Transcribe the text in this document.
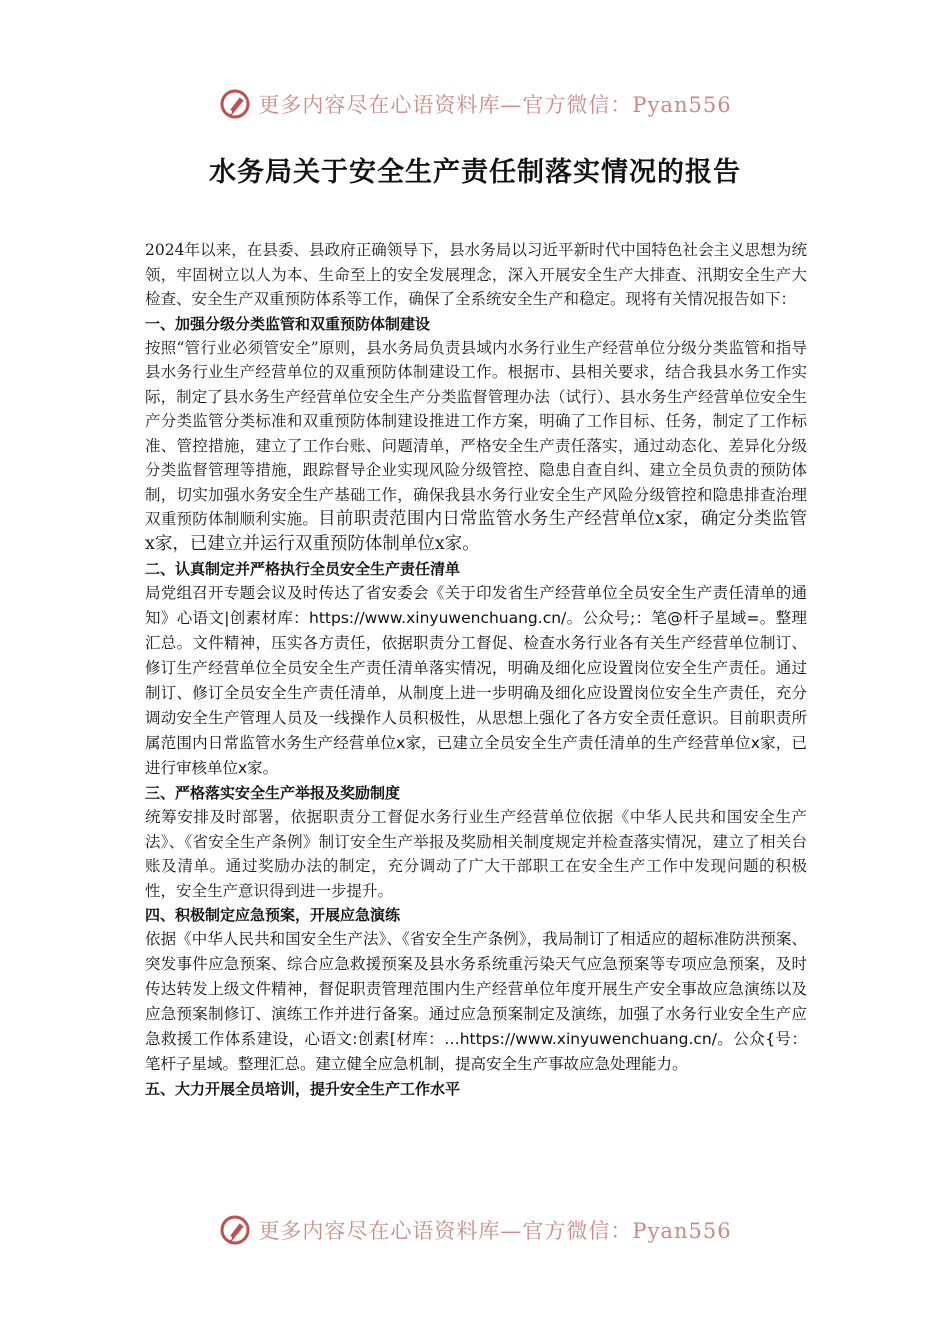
更多内容尽在心语资料库—官方微信：Pyan556
水务局关于安全生产责任制落实情况的报告

2024年以来，在县委、县政府正确领导下，县水务局以习近平新时代中国特色社会主义思想为统领，牢固树立以人为本、生命至上的安全发展理念，深入开展安全生产大排查、汛期安全生产大检查、安全生产双重预防体系等工作，确保了全系统安全生产和稳定。现将有关情况报告如下：

一、加强分级分类监管和双重预防体制建设

按照“管行业必须管安全”原则，县水务局负责县域内水务行业生产经营单位分级分类监管和指导县水务行业生产经营单位的双重预防体制建设工作。根据市、县相关要求，结合我县水务工作实际，制定了县水务生产经营单位安全生产分类监督管理办法（试行）、县水务生产经营单位安全生产分类监管分类标准和双重预防体制建设推进工作方案，明确了工作目标、任务，制定了工作标准、管控措施，建立了工作台账、问题清单，严格安全生产责任落实，通过动态化、差异化分级分类监督管理等措施，跟踪督导企业实现风险分级管控、隐患自查自纠、建立全员负责的预防体制，切实加强水务安全生产基础工作，确保我县水务行业安全生产风险分级管控和隐患排查治理双重预防体制顺利实施。目前职责范围内日常监管水务生产经营单位x家，确定分类监管x家，已建立并运行双重预防体制单位x家。

二、认真制定并严格执行全员安全生产责任清单

局党组召开专题会议及时传达了省安委会《关于印发省生产经营单位全员安全生产责任清单的通知》心语文|创素材库：https://www.xinyuwenchuang.cn/。公众号;：笔@杆子星域=。整理汇总。文件精神，压实各方责任，依据职责分工督促、检查水务行业各有关生产经营单位制订、修订生产经营单位全员安全生产责任清单落实情况，明确及细化应设置岗位安全生产责任。通过制订、修订全员安全生产责任清单，从制度上进一步明确及细化应设置岗位安全生产责任，充分调动安全生产管理人员及一线操作人员积极性，从思想上强化了各方安全责任意识。目前职责所属范围内日常监管水务生产经营单位x家，已建立全员安全生产责任清单的生产经营单位x家，已进行审核单位x家。

三、严格落实安全生产举报及奖励制度

统筹安排及时部署，依据职责分工督促水务行业生产经营单位依据《中华人民共和国安全生产法》、《省安全生产条例》制订安全生产举报及奖励相关制度规定并检查落实情况，建立了相关台账及清单。通过奖励办法的制定，充分调动了广大干部职工在安全生产工作中发现问题的积极性，安全生产意识得到进一步提升。

四、积极制定应急预案，开展应急演练

依据《中华人民共和国安全生产法》、《省安全生产条例》，我局制订了相适应的超标准防洪预案、突发事件应急预案、综合应急救援预案及县水务系统重污染天气应急预案等专项应急预案，及时传达转发上级文件精神，督促职责管理范围内生产经营单位年度开展生产安全事故应急演练以及应急预案制修订、演练工作并进行备案。通过应急预案制定及演练，加强了水务行业安全生产应急救援工作体系建设，心语文:创素[材库：…https://www.xinyuwenchuang.cn/。公众{号：笔杆子星域。整理汇总。建立健全应急机制，提高安全生产事故应急处理能力。

五、大力开展全员培训，提升安全生产工作水平

更多内容尽在心语资料库—官方微信：Pyan556
